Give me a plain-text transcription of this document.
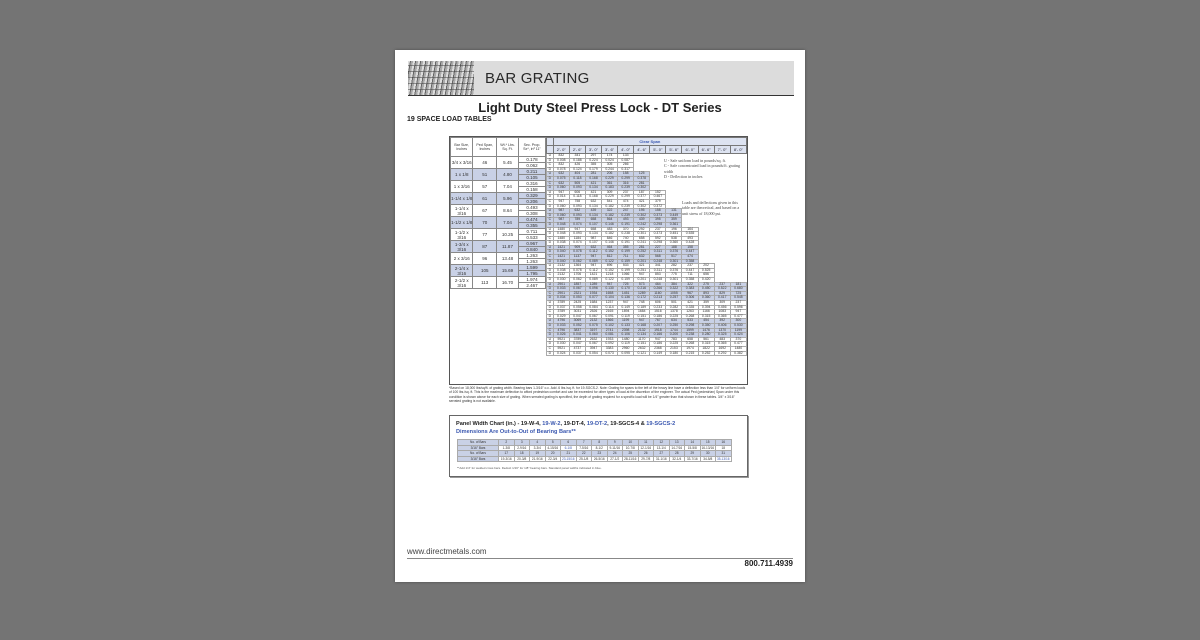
BAR GRATING
Light Duty Steel Press Lock - DT Series
19 SPACE LOAD TABLES
Bar Size, Inches	Ped Span, Inches	Wt.* Lbs. Sq. Ft.	Sec. Prop. Sx*, in³ 11"
3/4 x 3/16	46	5.45	0.178
			0.062
1 x 1/8	51	4.80	0.211
			0.105
1 x 3/16	57	7.04	0.316
			0.158
1-1/4 x 1/8	61	5.96	0.329
			0.206
1-1/4 x 3/16	67	8.64	0.493
			0.308
1-1/2 x 1/8	70	7.04	0.474
			0.355
1-1/2 x 3/16	77	10.25	0.711
			0.533
1-3/4 x 3/16	87	11.87	0.967
			0.840
2 x 3/16	96	13.48	1.263
			1.263
2-1/4 x 3/16	105	15.69	1.599
			1.795
2-1/2 x 3/16	113	16.70	1.974
			2.467
	Clear Span											
	2'- 0"	2'- 6"	3'- 0"	3'- 6"	4'- 0"	4'- 6"	5'- 0"	5'- 6"	6'- 0"	6'- 6"	7'- 0"	8'- 0"
U	832	341	297	174	133							
D	0.008	0.188	0.224	0.024	0.087							
C	832	426	355	305	266							
D	0.078	0.124	0.179	0.244	0.317							
U	632	404	281	206	158	125						
D	0.075	0.118	0.168	0.229	0.299	0.378						
C	632	505	421	361	316	281						
D	0.060	0.093	0.134	0.183	0.239	0.302						
U	947	606	421	309	237	187	152					
D	0.014	0.118	0.168	0.229	0.299	0.377	0.467					
C	947	758	632	541	474	421	379					
D	0.060	0.093	0.134	0.182	0.239	0.302	0.372					
U	987	632	439	322	247	195	158	131				
D	0.060	0.093	0.134	0.182	0.239	0.302	0.373	0.449				
C	987	789	658	564	493	439	395	359				
D	0.048	0.074	0.107	0.146	0.191	0.242	0.298	0.361				
U	1480	947	658	483	370	292	237	196	164			
D	0.048	0.093	0.134	0.182	0.238	0.301	0.373	0.451	0.535			
C	1480	1184	987	846	740	658	592	538	493			
D	0.038	0.074	0.107	0.146	0.191	0.241	0.298	0.360	0.428			
U	1421	909	632	464	355	281	227	188	158			
D	0.040	0.078	0.112	0.152	0.199	0.252	0.311	0.376	0.447			
C	1421	1137	947	812	711	632	568	517	474			
D	0.040	0.062	0.089	0.122	0.159	0.201	0.248	0.301	0.358			
U	2132	1364	947	696	533	421	341	282	237	202		
D	0.038	0.078	0.112	0.152	0.199	0.251	0.311	0.376	0.447	0.525		
C	2132	1706	1421	1218	1066	947	853	775	711	656		
D	0.030	0.062	0.089	0.122	0.159	0.201	0.248	0.301	0.358	0.420		
U	2901	1857	1289	947	725	573	464	384	322	275	237	181
D	0.033	0.067	0.096	0.130	0.170	0.216	0.266	0.322	0.383	0.450	0.522	0.680
C	2901	2321	1934	1658	1451	1289	1160	1055	967	893	829	725
D	0.034	0.053	0.077	0.104	0.136	0.172	0.213	0.257	0.306	0.360	0.417	0.545
U	3789	2425	1684	1237	947	748	606	501	421	359	309	237
D	0.037	0.058	0.084	0.114	0.149	0.189	0.233	0.282	0.335	0.394	0.456	0.596
C	3789	3031	2526	2165	1894	1684	1516	1378	1263	1166	1083	947
D	0.029	0.047	0.067	0.091	0.119	0.151	0.186	0.225	0.268	0.315	0.365	0.477
U	4796	3069	2132	1566	1199	947	767	634	533	454	392	300
D	0.033	0.052	0.075	0.102	0.133	0.168	0.207	0.250	0.298	0.350	0.406	0.530
C	4796	3837	3197	2741	2398	2132	1918	1744	1599	1476	1370	1199
D	0.026	0.041	0.060	0.081	0.106	0.134	0.166	0.200	0.238	0.280	0.325	0.424
U	5921	3789	2632	1933	1480	1170	947	783	658	561	483	370
D	0.030	0.047	0.067	0.092	0.119	0.151	0.186	0.225	0.268	0.315	0.365	0.477
C	5921	4737	3947	3383	2960	2632	2368	2153	1974	1822	1692	1480
D	0.024	0.037	0.054	0.073	0.095	0.121	0.149	0.180	0.215	0.252	0.292	0.382
U - Safe uniform load in pounds/sq. ft.
C - Safe concentrated load in pounds/ft. grating width
D - Deflection in inches
Loads and deflections given in this table are theoretical, and based on a unit stress of 18,000 psi.
*Based on 18,000 lbs/sq/ft. of grating width. Bearing bars 1-3/16" o.c. Add .6 lbs./sq. ft. for 19-SGCS-2. Note: Grating for spans to the left of the heavy line have a deflection less than 1/4" for uniform loads of 100 lbs./sq. ft. This is the maximum deflection to afford pedestrian comfort and can be exceeded for other types of load at the discretion of the engineer. The actual Ped (pedestrian) Span under this condition is shown above for each size of grating. When serrated grating is specified, the depth of grating required for a specific load will be 1/4" greater than that shown in these tables. 3/4" x 3/16" serrated grating is not available.
Panel Width Chart (in.) - 19-W-4, 19-W-2, 19-DT-4, 19-DT-2, 19-SGCS-4 & 19-SGCS-2
Dimensions Are Out-to-Out of Bearing Bars**
No. of Bars	2	3	4	5	6	7	8	9	10	11	12	13	14	15	16
3/16" Bars	1-3/8	2-9/16	3-3/4	4-15/16	6-1/8	7-5/16	8-1/2	9-11/16	10-7/8	12-1/16	13-1/4	14-7/16	15-5/8	16-13/16	18
No. of Bars	17	18	19	20	21	22	23	24	25	26	27	28	29	30	31
3/16" Bars	19-3/16	20-3/8	21-9/16	22-3/4	23-15/16	25-1/8	26-5/16	27-1/2	28-11/16	29-7/8	31-1/16	32-1/4	33-7/16	34-5/8	35-13/16
**Add 1/4" for welded cross bars. Deduct 1/16" for 1/8" bearing bars. Standard panel widths indicated in blue.
www.directmetals.com
800.711.4939
